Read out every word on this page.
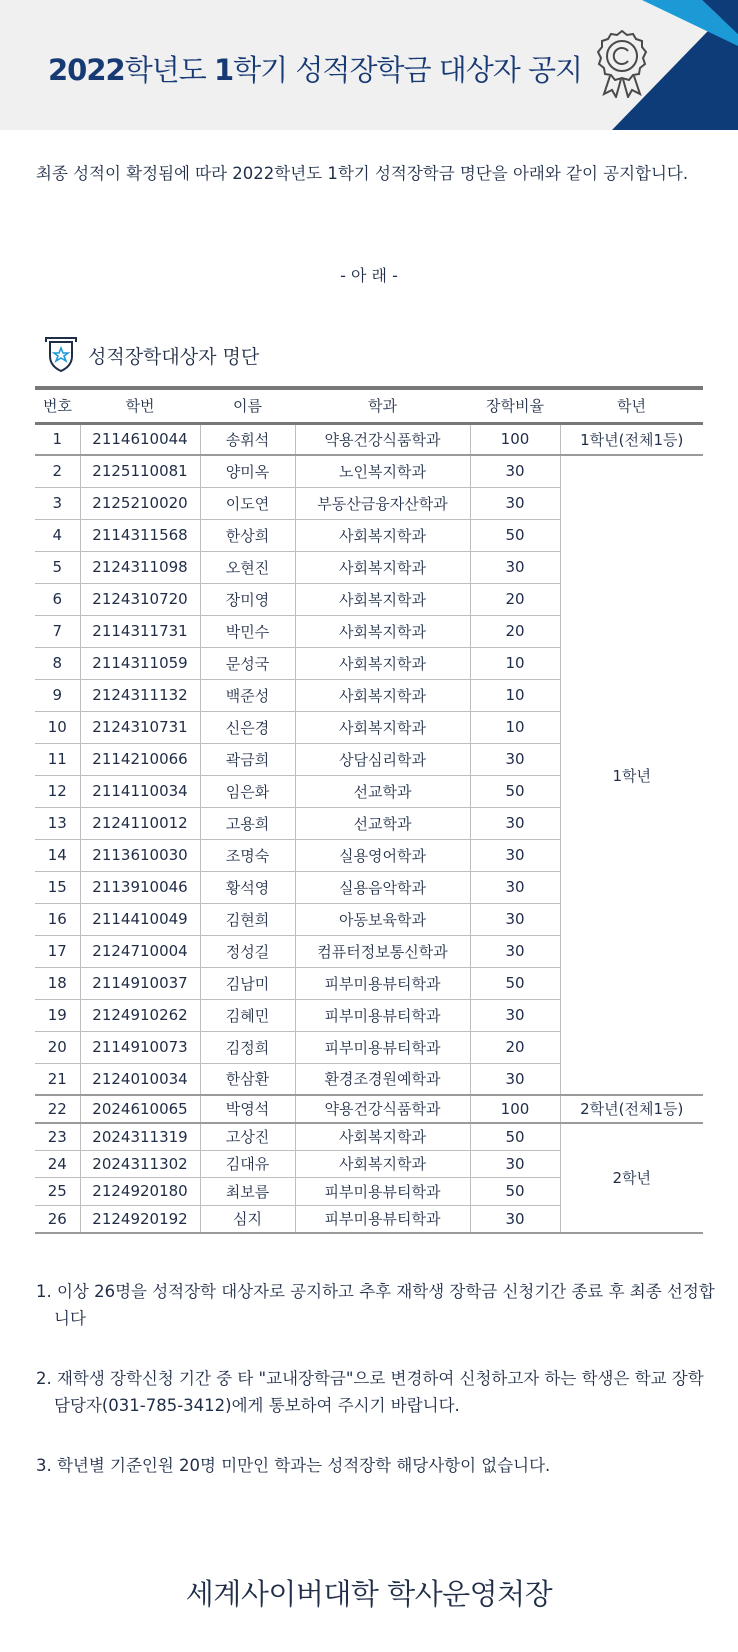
2022학년도 1학기 성적장학금 대상자 공지
최종 성적이 확정됨에 따라 2022학년도 1학기 성적장학금 명단을 아래와 같이 공지합니다.
- 아 래 -
성적장학대상자 명단
번호	학번	이름	학과	장학비율	학년
1	2114610044	송휘석	약용건강식품학과	100	1학년(전체1등)
2	2125110081	양미옥	노인복지학과	30	1학년
3	2125210020	이도연	부동산금융자산학과	30	
4	2114311568	한상희	사회복지학과	50	
5	2124311098	오현진	사회복지학과	30	
6	2124310720	장미영	사회복지학과	20	
7	2114311731	박민수	사회복지학과	20	
8	2114311059	문성국	사회복지학과	10	
9	2124311132	백준성	사회복지학과	10	
10	2124310731	신은경	사회복지학과	10	
11	2114210066	곽금희	상담심리학과	30	
12	2114110034	임은화	선교학과	50	
13	2124110012	고용희	선교학과	30	
14	2113610030	조명숙	실용영어학과	30	
15	2113910046	황석영	실용음악학과	30	
16	2114410049	김현희	아동보육학과	30	
17	2124710004	정성길	컴퓨터정보통신학과	30	
18	2114910037	김남미	피부미용뷰티학과	50	
19	2124910262	김혜민	피부미용뷰티학과	30	
20	2114910073	김정희	피부미용뷰티학과	20	
21	2124010034	한삼환	환경조경원예학과	30	
22	2024610065	박영석	약용건강식품학과	100	2학년(전체1등)
23	2024311319	고상진	사회복지학과	50	2학년
24	2024311302	김대유	사회복지학과	30	
25	2124920180	최보름	피부미용뷰티학과	50	
26	2124920192	심지	피부미용뷰티학과	30	

1. 이상 26명을 성적장학 대상자로 공지하고 추후 재학생 장학금 신청기간 종료 후 최종 선정합니다

2. 재학생 장학신청 기간 중 타 "교내장학금"으로 변경하여 신청하고자 하는 학생은 학교 장학담당자(031-785-3412)에게 통보하여 주시기 바랍니다.

3. 학년별 기준인원 20명 미만인 학과는 성적장학 해당사항이 없습니다.

세계사이버대학 학사운영처장
